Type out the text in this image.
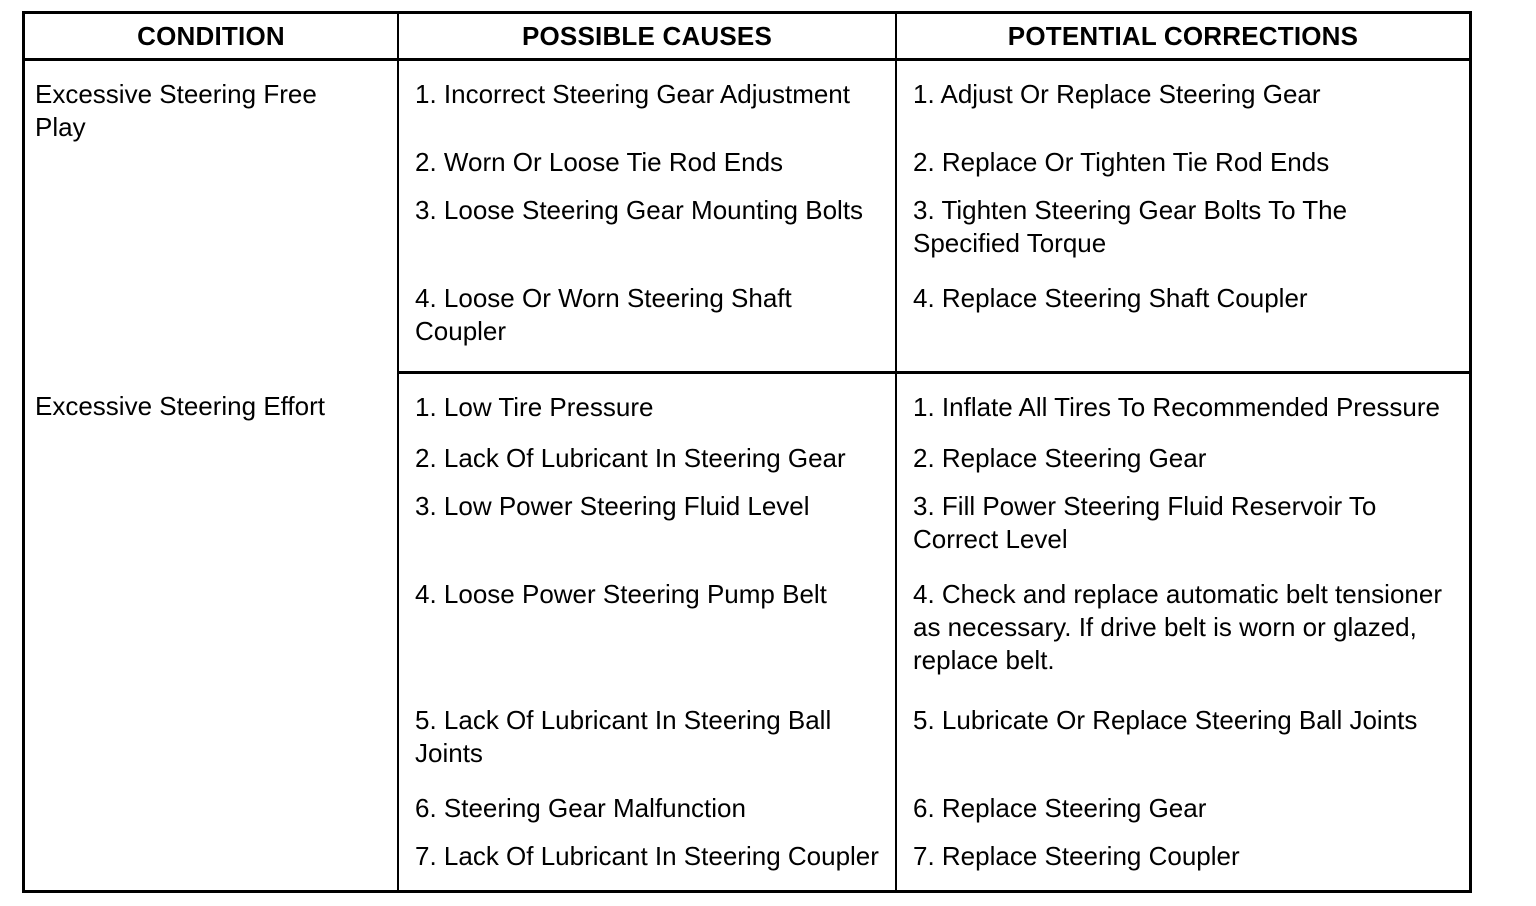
CONDITION	POSSIBLE CAUSES	POTENTIAL CORRECTIONS

Excessive Steering Free Play	1. Incorrect Steering Gear Adjustment	1. Adjust Or Replace Steering Gear
	2. Worn Or Loose Tie Rod Ends	2. Replace Or Tighten Tie Rod Ends
	3. Loose Steering Gear Mounting Bolts	3. Tighten Steering Gear Bolts To The Specified Torque
	4. Loose Or Worn Steering Shaft Coupler	4. Replace Steering Shaft Coupler

Excessive Steering Effort	1. Low Tire Pressure	1. Inflate All Tires To Recommended Pressure
	2. Lack Of Lubricant In Steering Gear	2. Replace Steering Gear
	3. Low Power Steering Fluid Level	3. Fill Power Steering Fluid Reservoir To Correct Level
	4. Loose Power Steering Pump Belt	4. Check and replace automatic belt tensioner as necessary. If drive belt is worn or glazed, replace belt.
	5. Lack Of Lubricant In Steering Ball Joints	5. Lubricate Or Replace Steering Ball Joints
	6. Steering Gear Malfunction	6. Replace Steering Gear
	7. Lack Of Lubricant In Steering Coupler	7. Replace Steering Coupler
